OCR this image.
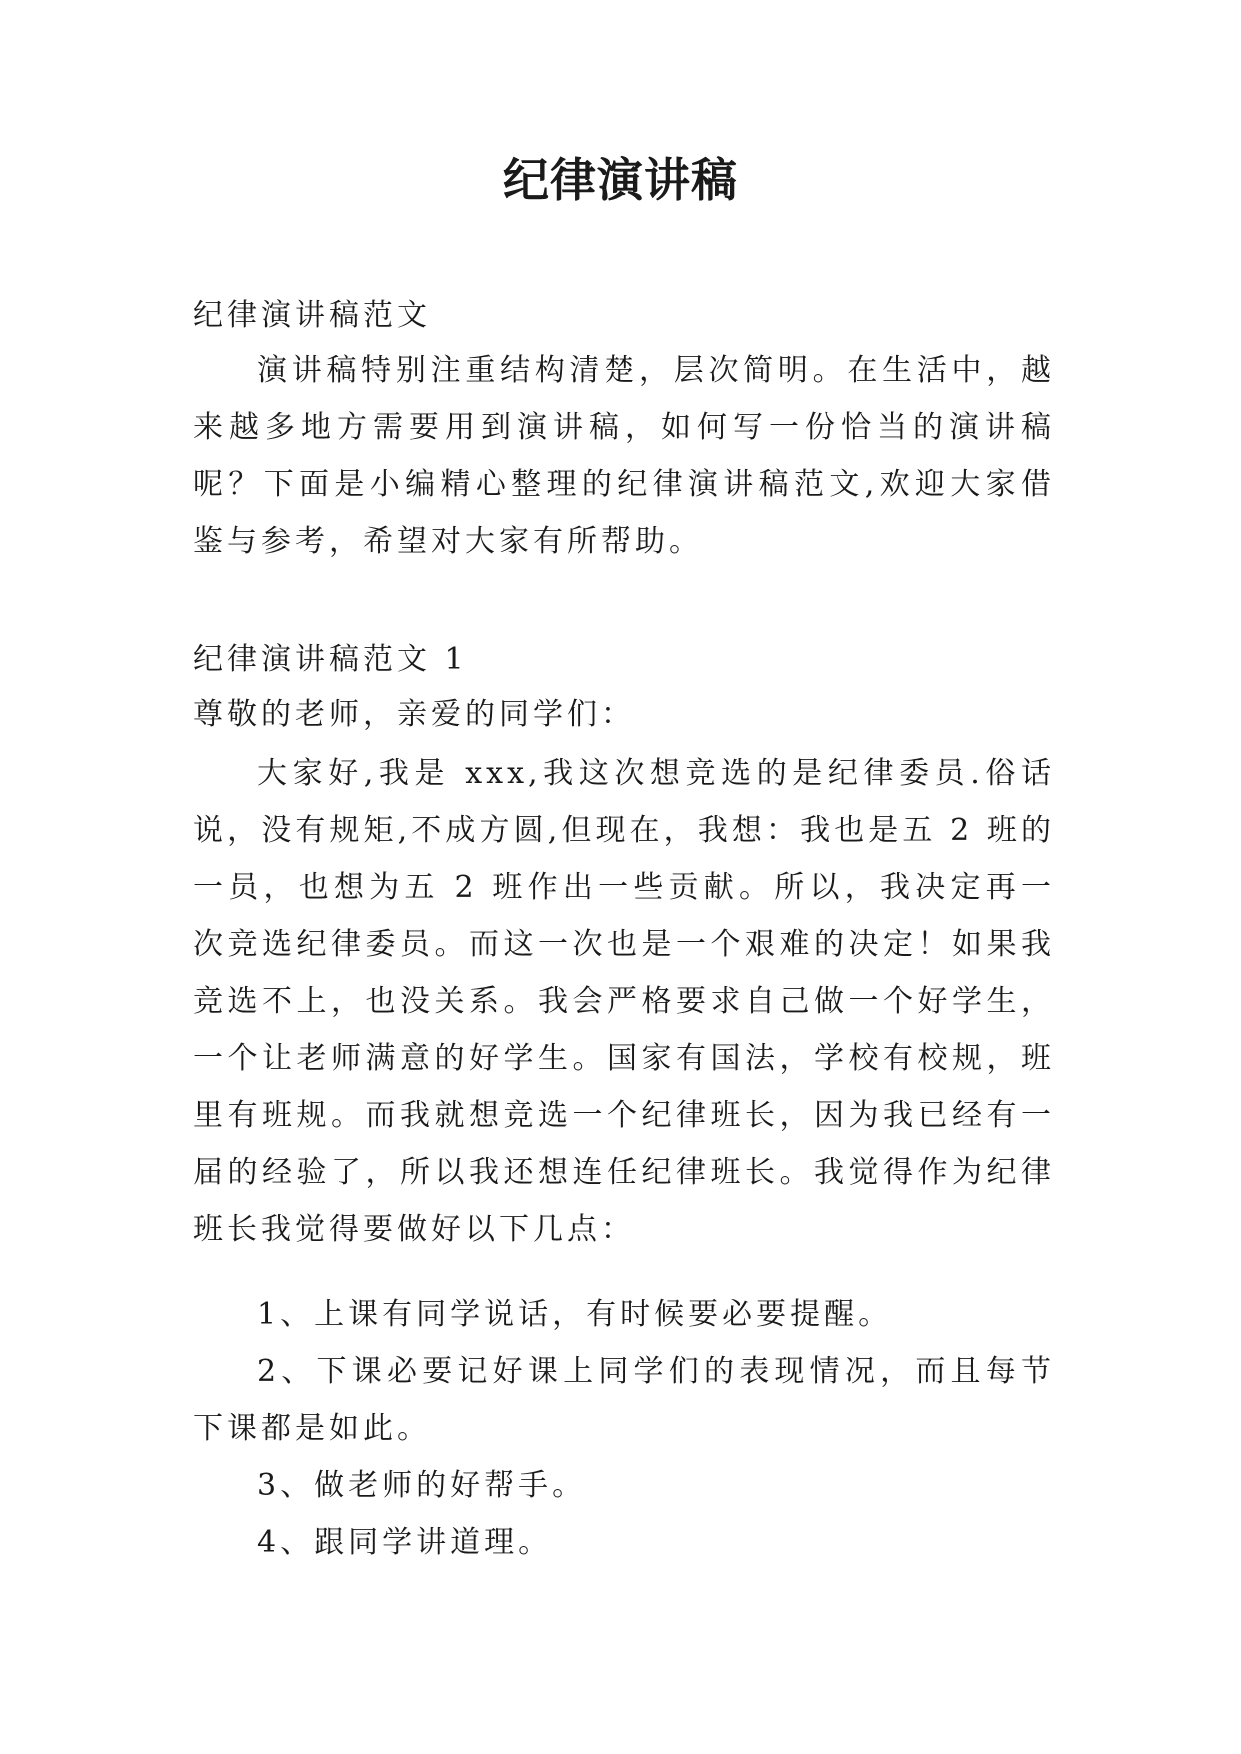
纪律演讲稿
纪律演讲稿范文
演讲稿特别注重结构清楚，层次简明。在生活中，越来越多地方需要用到演讲稿，如何写一份恰当的演讲稿呢？下面是小编精心整理的纪律演讲稿范文,欢迎大家借鉴与参考，希望对大家有所帮助。
纪律演讲稿范文 1
尊敬的老师，亲爱的同学们：
大家好,我是 xxx,我这次想竞选的是纪律委员.俗话说，没有规矩,不成方圆,但现在，我想：我也是五 2 班的一员，也想为五 2 班作出一些贡献。所以，我决定再一次竞选纪律委员。而这一次也是一个艰难的决定！如果我竞选不上，也没关系。我会严格要求自己做一个好学生，一个让老师满意的好学生。国家有国法，学校有校规，班里有班规。而我就想竞选一个纪律班长，因为我已经有一届的经验了，所以我还想连任纪律班长。我觉得作为纪律班长我觉得要做好以下几点：
1、上课有同学说话，有时候要必要提醒。
2、下课必要记好课上同学们的表现情况，而且每节下课都是如此。
3、做老师的好帮手。
4、跟同学讲道理。
